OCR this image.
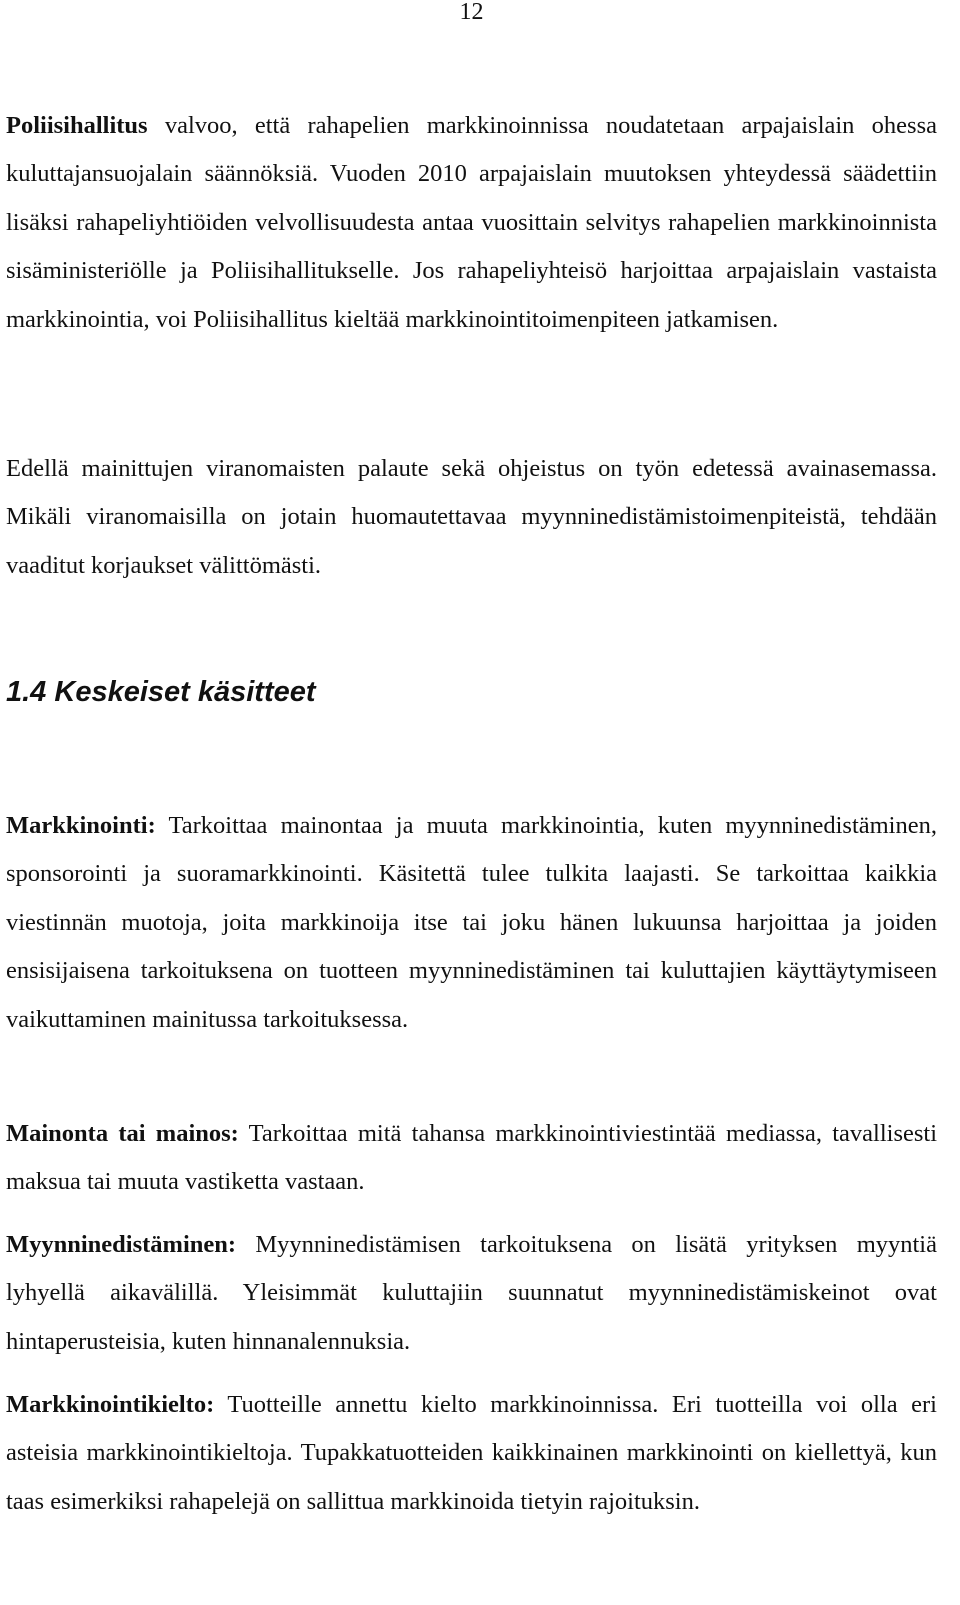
12

Poliisihallitus valvoo, että rahapelien markkinoinnissa noudatetaan arpajaislain ohessa kuluttajansuojalain säännöksiä. Vuoden 2010 arpajaislain muutoksen yhteydessä säädettiin lisäksi rahapeliyhtiöiden velvollisuudesta antaa vuosittain selvitys rahapelien markkinoinnista sisäministeriölle ja Poliisihallitukselle. Jos rahapeliyhteisö harjoittaa arpajaislain vastaista markkinointia, voi Poliisihallitus kieltää markkinointitoimenpiteen jatkamisen.

Edellä mainittujen viranomaisten palaute sekä ohjeistus on työn edetessä avainasemassa. Mikäli viranomaisilla on jotain huomautettavaa myynninedistämistoimenpiteistä, tehdään vaaditut korjaukset välittömästi.

1.4 Keskeiset käsitteet

Markkinointi: Tarkoittaa mainontaa ja muuta markkinointia, kuten myynninedistäminen, sponsorointi ja suoramarkkinointi. Käsitettä tulee tulkita laajasti. Se tarkoittaa kaikkia viestinnän muotoja, joita markkinoija itse tai joku hänen lukuunsa harjoittaa ja joiden ensisijaisena tarkoituksena on tuotteen myynninedistäminen tai kuluttajien käyttäytymiseen vaikuttaminen mainitussa tarkoituksessa.

Mainonta tai mainos: Tarkoittaa mitä tahansa markkinointiviestintää mediassa, tavallisesti maksua tai muuta vastiketta vastaan.

Myynninedistäminen: Myynninedistämisen tarkoituksena on lisätä yrityksen myyntiä lyhyellä aikavälillä. Yleisimmät kuluttajiin suunnatut myynninedistämiskeinot ovat hintaperusteisia, kuten hinnanalennuksia.

Markkinointikielto: Tuotteille annettu kielto markkinoinnissa. Eri tuotteilla voi olla eri asteisia markkinointikieltoja. Tupakkatuotteiden kaikkinainen markkinointi on kiellettyä, kun taas esimerkiksi rahapelejä on sallittua markkinoida tietyin rajoituksin.
